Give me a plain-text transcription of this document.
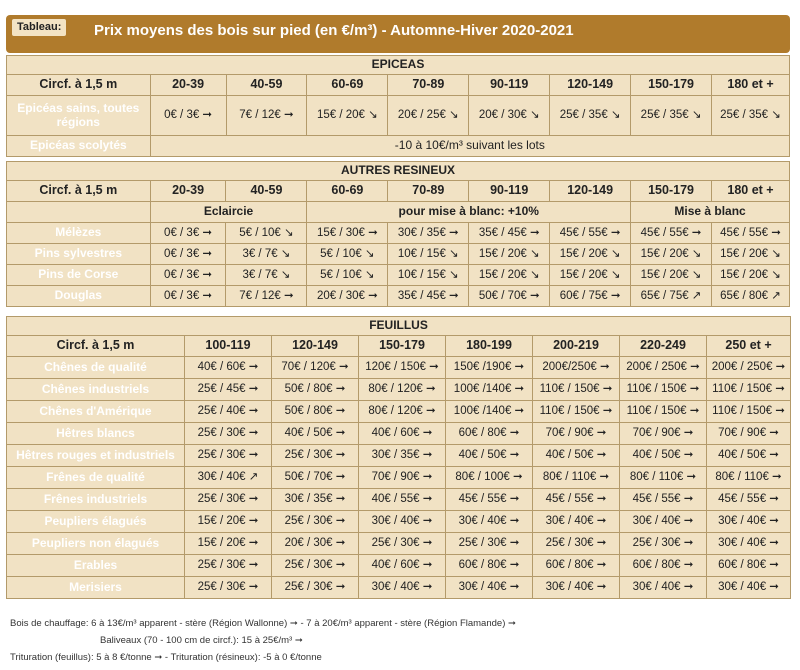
Prix moyens des bois sur pied (en €/m³) - Automne-Hiver 2020-2021
Tableau:
EPICEAS								
Circf. à 1,5 m	20-39	40-59	60-69	70-89	90-119	120-149	150-179	180 et +
Epicéas sains, toutes régions	0€ / 3€ ➞	7€ / 12€ ➞	15€ / 20€ ↘	20€ / 25€ ↘	20€ / 30€ ↘	25€ / 35€ ↘	25€ / 35€ ↘	25€ / 35€ ↘
Epicéas scolytés	-10 à 10€/m³ suivant les lots							
AUTRES RESINEUX								
Circf. à 1,5 m	20-39	40-59	60-69	70-89	90-119	120-149	150-179	180 et +
	Eclaircie		pour mise à blanc: +10%				Mise à blanc	
Mélèzes	0€ / 3€ ➞	5€ / 10€ ↘	15€ / 30€ ➞	30€ / 35€ ➞	35€ / 45€ ➞	45€ / 55€ ➞	45€ / 55€ ➞	45€ / 55€ ➞
Pins sylvestres	0€ / 3€ ➞	3€ / 7€ ↘	5€ / 10€ ↘	10€ / 15€ ↘	15€ / 20€ ↘	15€ / 20€ ↘	15€ / 20€ ↘	15€ / 20€ ↘
Pins de Corse	0€ / 3€ ➞	3€ / 7€ ↘	5€ / 10€ ↘	10€ / 15€ ↘	15€ / 20€ ↘	15€ / 20€ ↘	15€ / 20€ ↘	15€ / 20€ ↘
Douglas	0€ / 3€ ➞	7€ / 12€ ➞	20€ / 30€ ➞	35€ / 45€ ➞	50€ / 70€ ➞	60€ / 75€ ➞	65€ / 75€ ↗	65€ / 80€ ↗
FEUILLUS							
Circf. à 1,5 m	100-119	120-149	150-179	180-199	200-219	220-249	250 et +
Chênes de qualité	40€ / 60€ ➞	70€ / 120€ ➞	120€ / 150€ ➞	150€ /190€ ➞	200€/250€ ➞	200€ / 250€ ➞	200€ / 250€ ➞
Chênes industriels	25€ / 45€ ➞	50€ / 80€ ➞	80€ / 120€ ➞	100€ /140€ ➞	110€ / 150€ ➞	110€ / 150€ ➞	110€ / 150€ ➞
Chênes d'Amérique	25€ / 40€ ➞	50€ / 80€ ➞	80€ / 120€ ➞	100€ /140€ ➞	110€ / 150€ ➞	110€ / 150€ ➞	110€ / 150€ ➞
Hêtres blancs	25€ / 30€ ➞	40€ / 50€ ➞	40€ / 60€ ➞	60€ / 80€ ➞	70€ / 90€ ➞	70€ / 90€ ➞	70€ / 90€ ➞
Hêtres rouges et industriels	25€ / 30€ ➞	25€ / 30€ ➞	30€ / 35€ ➞	40€ / 50€ ➞	40€ / 50€ ➞	40€ / 50€ ➞	40€ / 50€ ➞
Frênes de qualité	30€ / 40€ ↗	50€ / 70€ ➞	70€ / 90€ ➞	80€ / 100€ ➞	80€ / 110€ ➞	80€ / 110€ ➞	80€ / 110€ ➞
Frênes industriels	25€ / 30€ ➞	30€ / 35€ ➞	40€ / 55€ ➞	45€ / 55€ ➞	45€ / 55€ ➞	45€ / 55€ ➞	45€ / 55€ ➞
Peupliers élagués	15€ / 20€ ➞	25€ / 30€ ➞	30€ / 40€ ➞	30€ / 40€ ➞	30€ / 40€ ➞	30€ / 40€ ➞	30€ / 40€ ➞
Peupliers non élagués	15€ / 20€ ➞	20€ / 30€ ➞	25€ / 30€ ➞	25€ / 30€ ➞	25€ / 30€ ➞	25€ / 30€ ➞	30€ / 40€ ➞
Erables	25€ / 30€ ➞	25€ / 30€ ➞	40€ / 60€ ➞	60€ / 80€ ➞	60€ / 80€ ➞	60€ / 80€ ➞	60€ / 80€ ➞
Merisiers	25€ / 30€ ➞	25€ / 30€ ➞	30€ / 40€ ➞	30€ / 40€ ➞	30€ / 40€ ➞	30€ / 40€ ➞	30€ / 40€ ➞
Bois de chauffage: 6 à 13€/m³ apparent - stère (Région Wallonne) ➞ - 7 à 20€/m³ apparent - stère (Région Flamande) ➞
Baliveaux (70 - 100 cm de circf.): 15 à 25€/m³ ➞
Trituration (feuillus): 5 à 8 €/tonne ➞ - Trituration (résineux): -5 à 0 €/tonne
